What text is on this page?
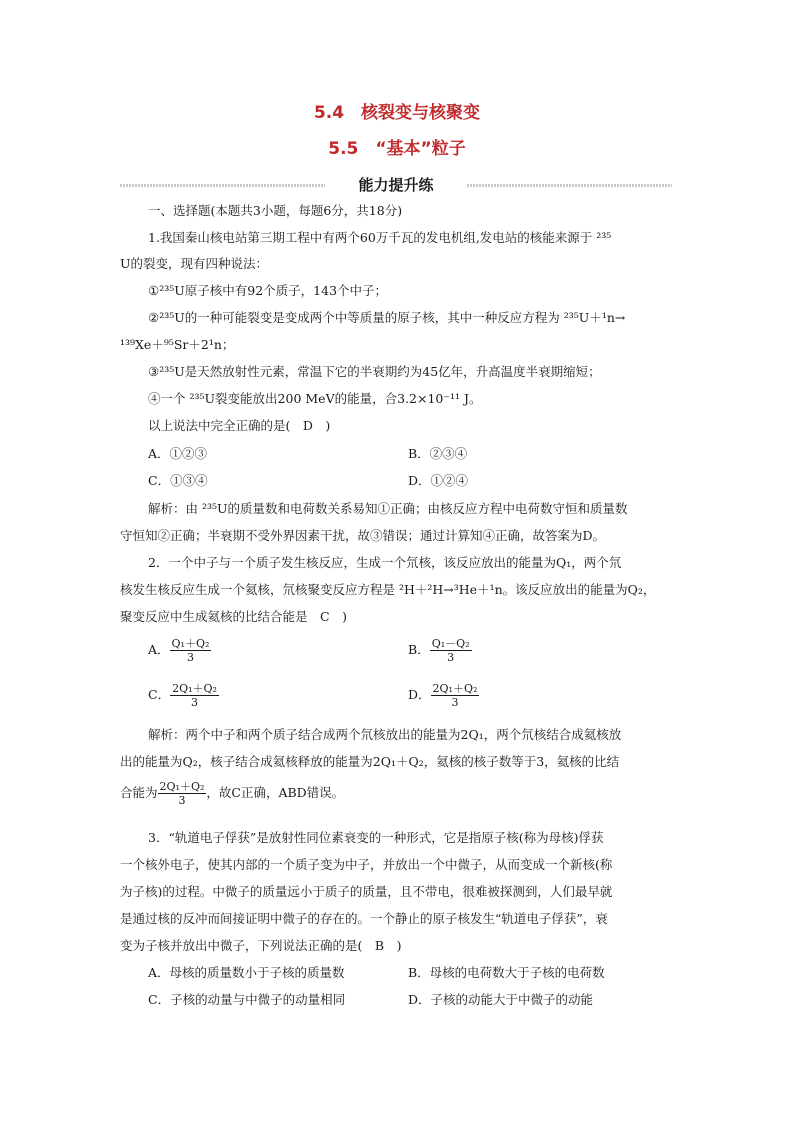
5.4　核裂变与核聚变
5.5　“基本”粒子
能力提升练
一、选择题(本题共3小题，每题6分，共18分)
1.我国秦山核电站第三期工程中有两个60万千瓦的发电机组,发电站的核能来源于 ²³⁵
U的裂变，现有四种说法：
①²³⁵U原子核中有92个质子，143个中子；
②²³⁵U的一种可能裂变是变成两个中等质量的原子核，其中一种反应方程为 ²³⁵U＋¹n→
¹³⁹Xe＋⁹⁵Sr＋2¹n；
③²³⁵U是天然放射性元素，常温下它的半衰期约为45亿年，升高温度半衰期缩短；
④一个 ²³⁵U裂变能放出200 MeV的能量，合3.2×10⁻¹¹ J。
以上说法中完全正确的是(　D　)
A．①②③	B．②③④
C．①③④	D．①②④
解析：由 ²³⁵U的质量数和电荷数关系易知①正确；由核反应方程中电荷数守恒和质量数
守恒知②正确；半衰期不受外界因素干扰，故③错误；通过计算知④正确，故答案为D。
2．一个中子与一个质子发生核反应，生成一个氘核，该反应放出的能量为Q₁，两个氘
核发生核反应生成一个氦核，氘核聚变反应方程是 ²H＋²H→³He＋¹n。该反应放出的能量为Q₂，
聚变反应中生成氦核的比结合能是　C　)
A． $\frac{\text{Q₁＋Q₂}}{3}$	B． $\frac{\text{Q₁－Q₂}}{3}$
C． $\frac{\text{2Q₁＋Q₂}}{3}$	D． $\frac{\text{2Q₁＋Q₂}}{3}$
解析：两个中子和两个质子结合成两个氘核放出的能量为2Q₁，两个氘核结合成氦核放
出的能量为Q₂，核子结合成氦核释放的能量为2Q₁＋Q₂，氦核的核子数等于3，氦核的比结
合能为 $\frac{\text{2Q₁＋Q₂}}{3}$ ，故C正确，ABD错误。
3．“轨道电子俘获”是放射性同位素衰变的一种形式，它是指原子核(称为母核)俘获
一个核外电子，使其内部的一个质子变为中子，并放出一个中微子，从而变成一个新核(称
为子核)的过程。中微子的质量远小于质子的质量，且不带电，很难被探测到，人们最早就
是通过核的反冲而间接证明中微子的存在的。一个静止的原子核发生“轨道电子俘获”，衰
变为子核并放出中微子，下列说法正确的是(　B　)
A．母核的质量数小于子核的质量数	B．母核的电荷数大于子核的电荷数
C．子核的动量与中微子的动量相同	D．子核的动能大于中微子的动能
